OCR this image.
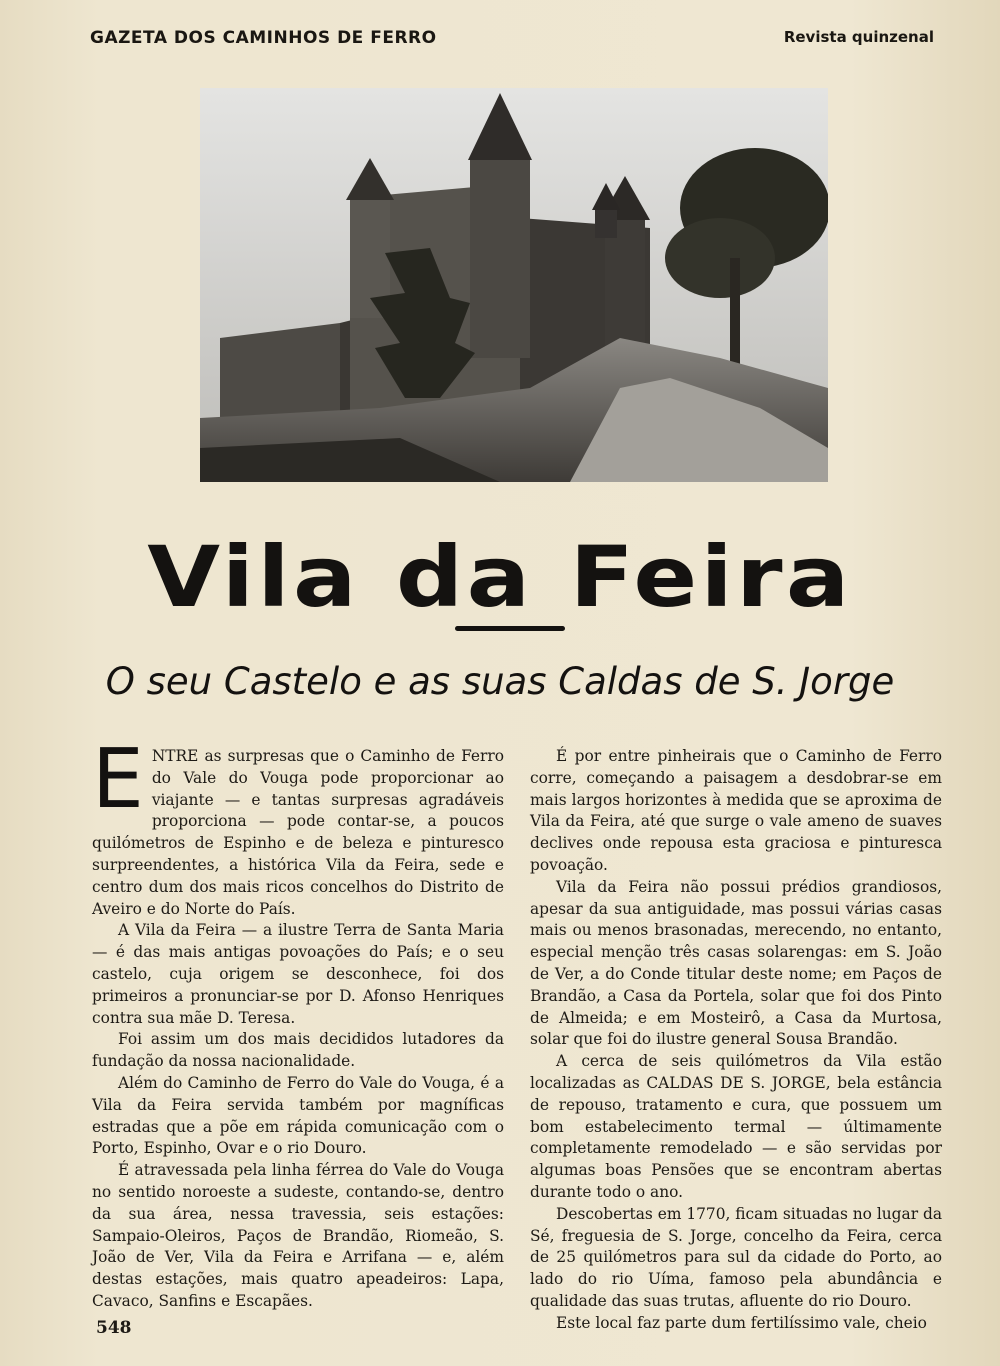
GAZETA DOS CAMINHOS DE FERRO	Revista quinzenal
Vila da Feira
O seu Castelo e as suas Caldas de S. Jorge

ENTRE as surpresas que o Caminho de Ferro do Vale do Vouga pode proporcionar ao viajante — e tantas surpresas agradáveis proporciona — pode contar-se, a poucos quilómetros de Espinho e de beleza e pinturesco surpreendentes, a histórica Vila da Feira, sede e centro dum dos mais ricos concelhos do Distrito de Aveiro e do Norte do País.

A Vila da Feira — a ilustre Terra de Santa Maria — é das mais antigas povoações do País; e o seu castelo, cuja origem se desconhece, foi dos primeiros a pronunciar-se por D. Afonso Henriques contra sua mãe D. Teresa.

Foi assim um dos mais decididos lutadores da fundação da nossa nacionalidade.

Além do Caminho de Ferro do Vale do Vouga, é a Vila da Feira servida também por magníficas estradas que a põe em rápida comunicação com o Porto, Espinho, Ovar e o rio Douro.

É atravessada pela linha férrea do Vale do Vouga no sentido noroeste a sudeste, contando-se, dentro da sua área, nessa travessia, seis estações: Sampaio-Oleiros, Paços de Brandão, Riomeão, S. João de Ver, Vila da Feira e Arrifana — e, além destas estações, mais quatro apeadeiros: Lapa, Cavaco, Sanfins e Escapães.

É por entre pinheirais que o Caminho de Ferro corre, começando a paisagem a desdobrar-se em mais largos horizontes à medida que se aproxima de Vila da Feira, até que surge o vale ameno de suaves declives onde repousa esta graciosa e pinturesca povoação.

Vila da Feira não possui prédios grandiosos, apesar da sua antiguidade, mas possui várias casas mais ou menos brasonadas, merecendo, no entanto, especial menção três casas solarengas: em S. João de Ver, a do Conde titular deste nome; em Paços de Brandão, a Casa da Portela, solar que foi dos Pinto de Almeida; e em Mosteirô, a Casa da Murtosa, solar que foi do ilustre general Sousa Brandão.

A cerca de seis quilómetros da Vila estão localizadas as CALDAS DE S. JORGE, bela estância de repouso, tratamento e cura, que possuem um bom estabelecimento termal — últimamente completamente remodelado — e são servidas por algumas boas Pensões que se encontram abertas durante todo o ano.

Descobertas em 1770, ficam situadas no lugar da Sé, freguesia de S. Jorge, concelho da Feira, cerca de 25 quilómetros para sul da cidade do Porto, ao lado do rio Uíma, famoso pela abundância e qualidade das suas trutas, afluente do rio Douro.

Este local faz parte dum fertilíssimo vale, cheio

548
